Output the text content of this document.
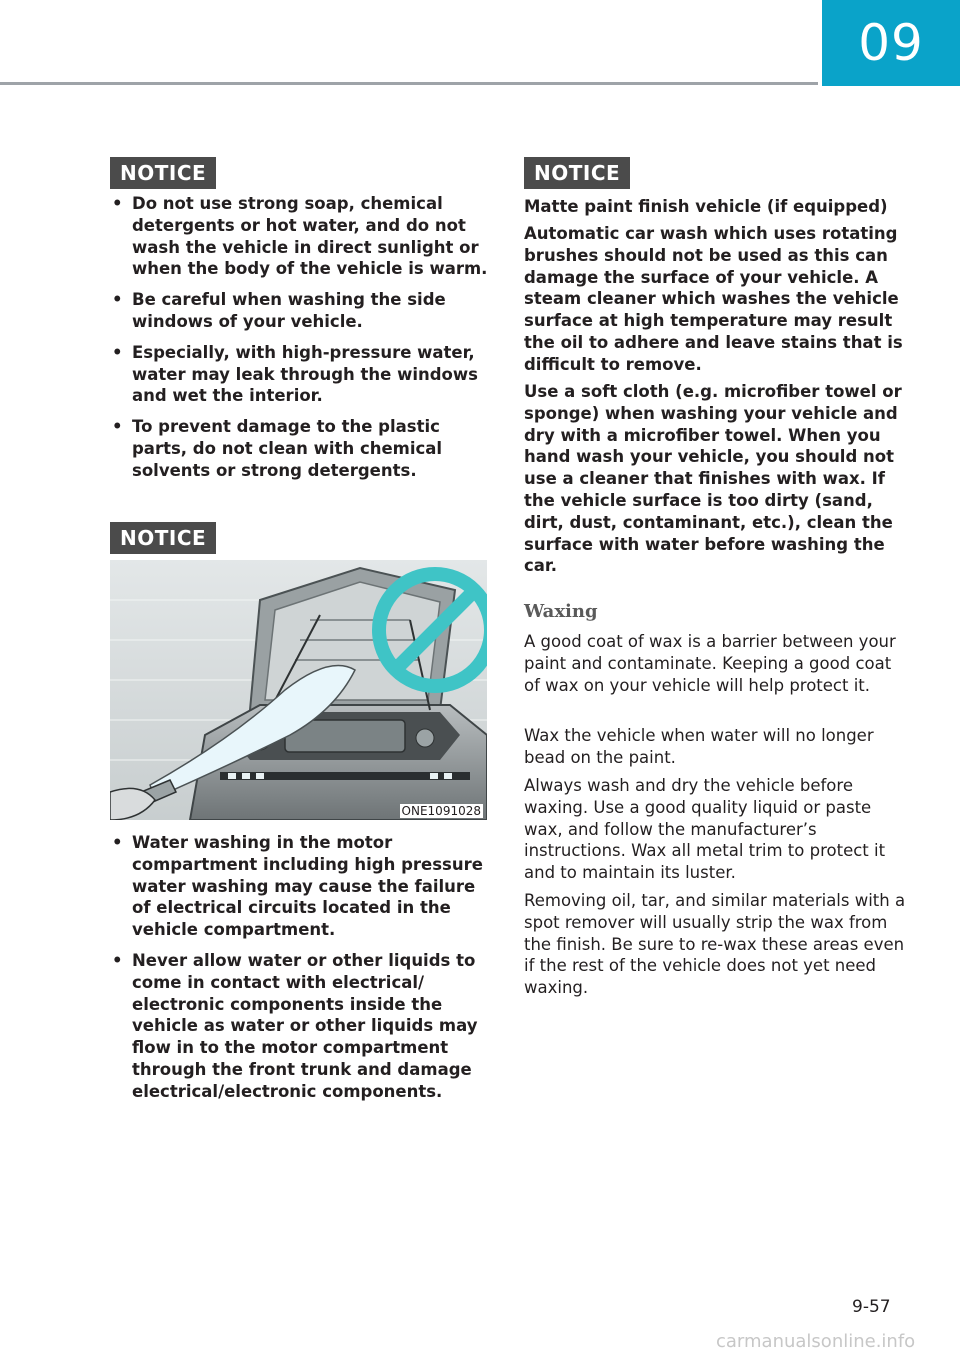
09
NOTICE
• Do not use strong soap, chemical detergents or hot water, and do not wash the vehicle in direct sunlight or when the body of the vehicle is warm.
• Be careful when washing the side windows of your vehicle.
• Especially, with high-pressure water, water may leak through the windows and wet the interior.
• To prevent damage to the plastic parts, do not clean with chemical solvents or strong detergents.
NOTICE
ONE1091028
• Water washing in the motor compartment including high pressure water washing may cause the failure of electrical circuits located in the vehicle compartment.
• Never allow water or other liquids to come in contact with electrical/ electronic components inside the vehicle as water or other liquids may flow in to the motor compartment through the front trunk and damage electrical/electronic components.
NOTICE

Matte paint finish vehicle (if equipped)

Automatic car wash which uses rotating brushes should not be used as this can damage the surface of your vehicle. A steam cleaner which washes the vehicle surface at high temperature may result the oil to adhere and leave stains that is difficult to remove.

Use a soft cloth (e.g. microfiber towel or sponge) when washing your vehicle and dry with a microfiber towel. When you hand wash your vehicle, you should not use a cleaner that finishes with wax. If the vehicle surface is too dirty (sand, dirt, dust, contaminant, etc.), clean the surface with water before washing the car.

Waxing

A good coat of wax is a barrier between your paint and contaminate. Keeping a good coat of wax on your vehicle will help protect it.

Wax the vehicle when water will no longer bead on the paint.

Always wash and dry the vehicle before waxing. Use a good quality liquid or paste wax, and follow the manufacturer’s instructions. Wax all metal trim to protect it and to maintain its luster.

Removing oil, tar, and similar materials with a spot remover will usually strip the wax from the finish. Be sure to re-wax these areas even if the rest of the vehicle does not yet need waxing.

9-57
carmanualsonline.info
